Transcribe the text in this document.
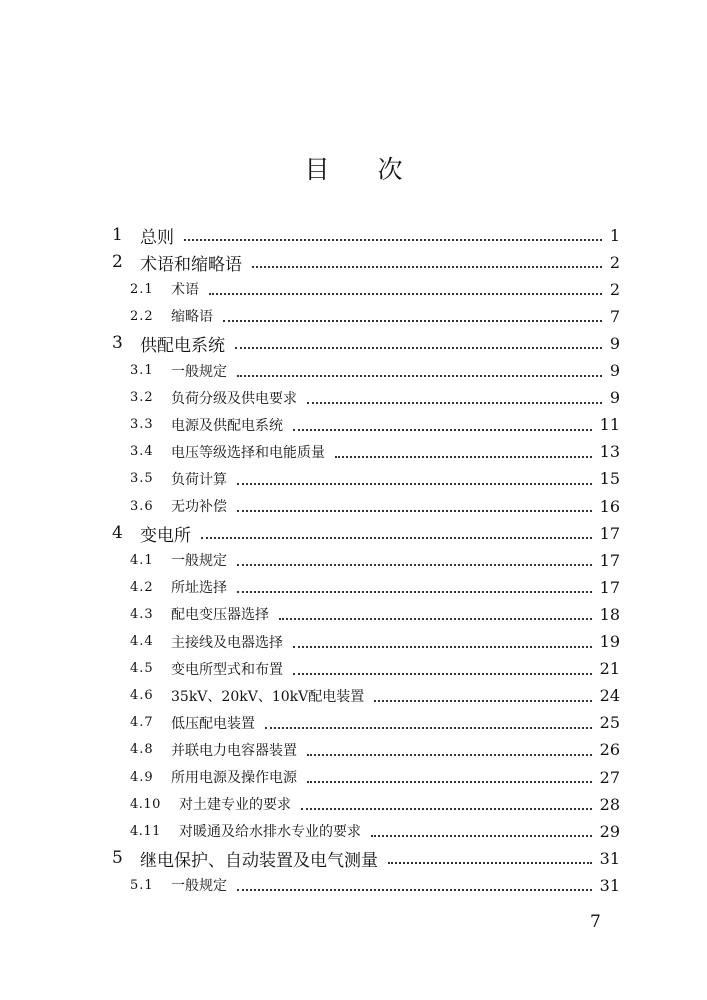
目次
1 总则	1
2 术语和缩略语	2
2.1 术语	2
2.2 缩略语	7
3 供配电系统	9
3.1 一般规定	9
3.2 负荷分级及供电要求	9
3.3 电源及供配电系统	11
3.4 电压等级选择和电能质量	13
3.5 负荷计算	15
3.6 无功补偿	16
4 变电所	17
4.1 一般规定	17
4.2 所址选择	17
4.3 配电变压器选择	18
4.4 主接线及电器选择	19
4.5 变电所型式和布置	21
4.6 35kV、20kV、10kV配电装置	24
4.7 低压配电装置	25
4.8 并联电力电容器装置	26
4.9 所用电源及操作电源	27
4.10 对土建专业的要求	28
4.11 对暖通及给水排水专业的要求	29
5 继电保护、自动装置及电气测量	31
5.1 一般规定	31
7
